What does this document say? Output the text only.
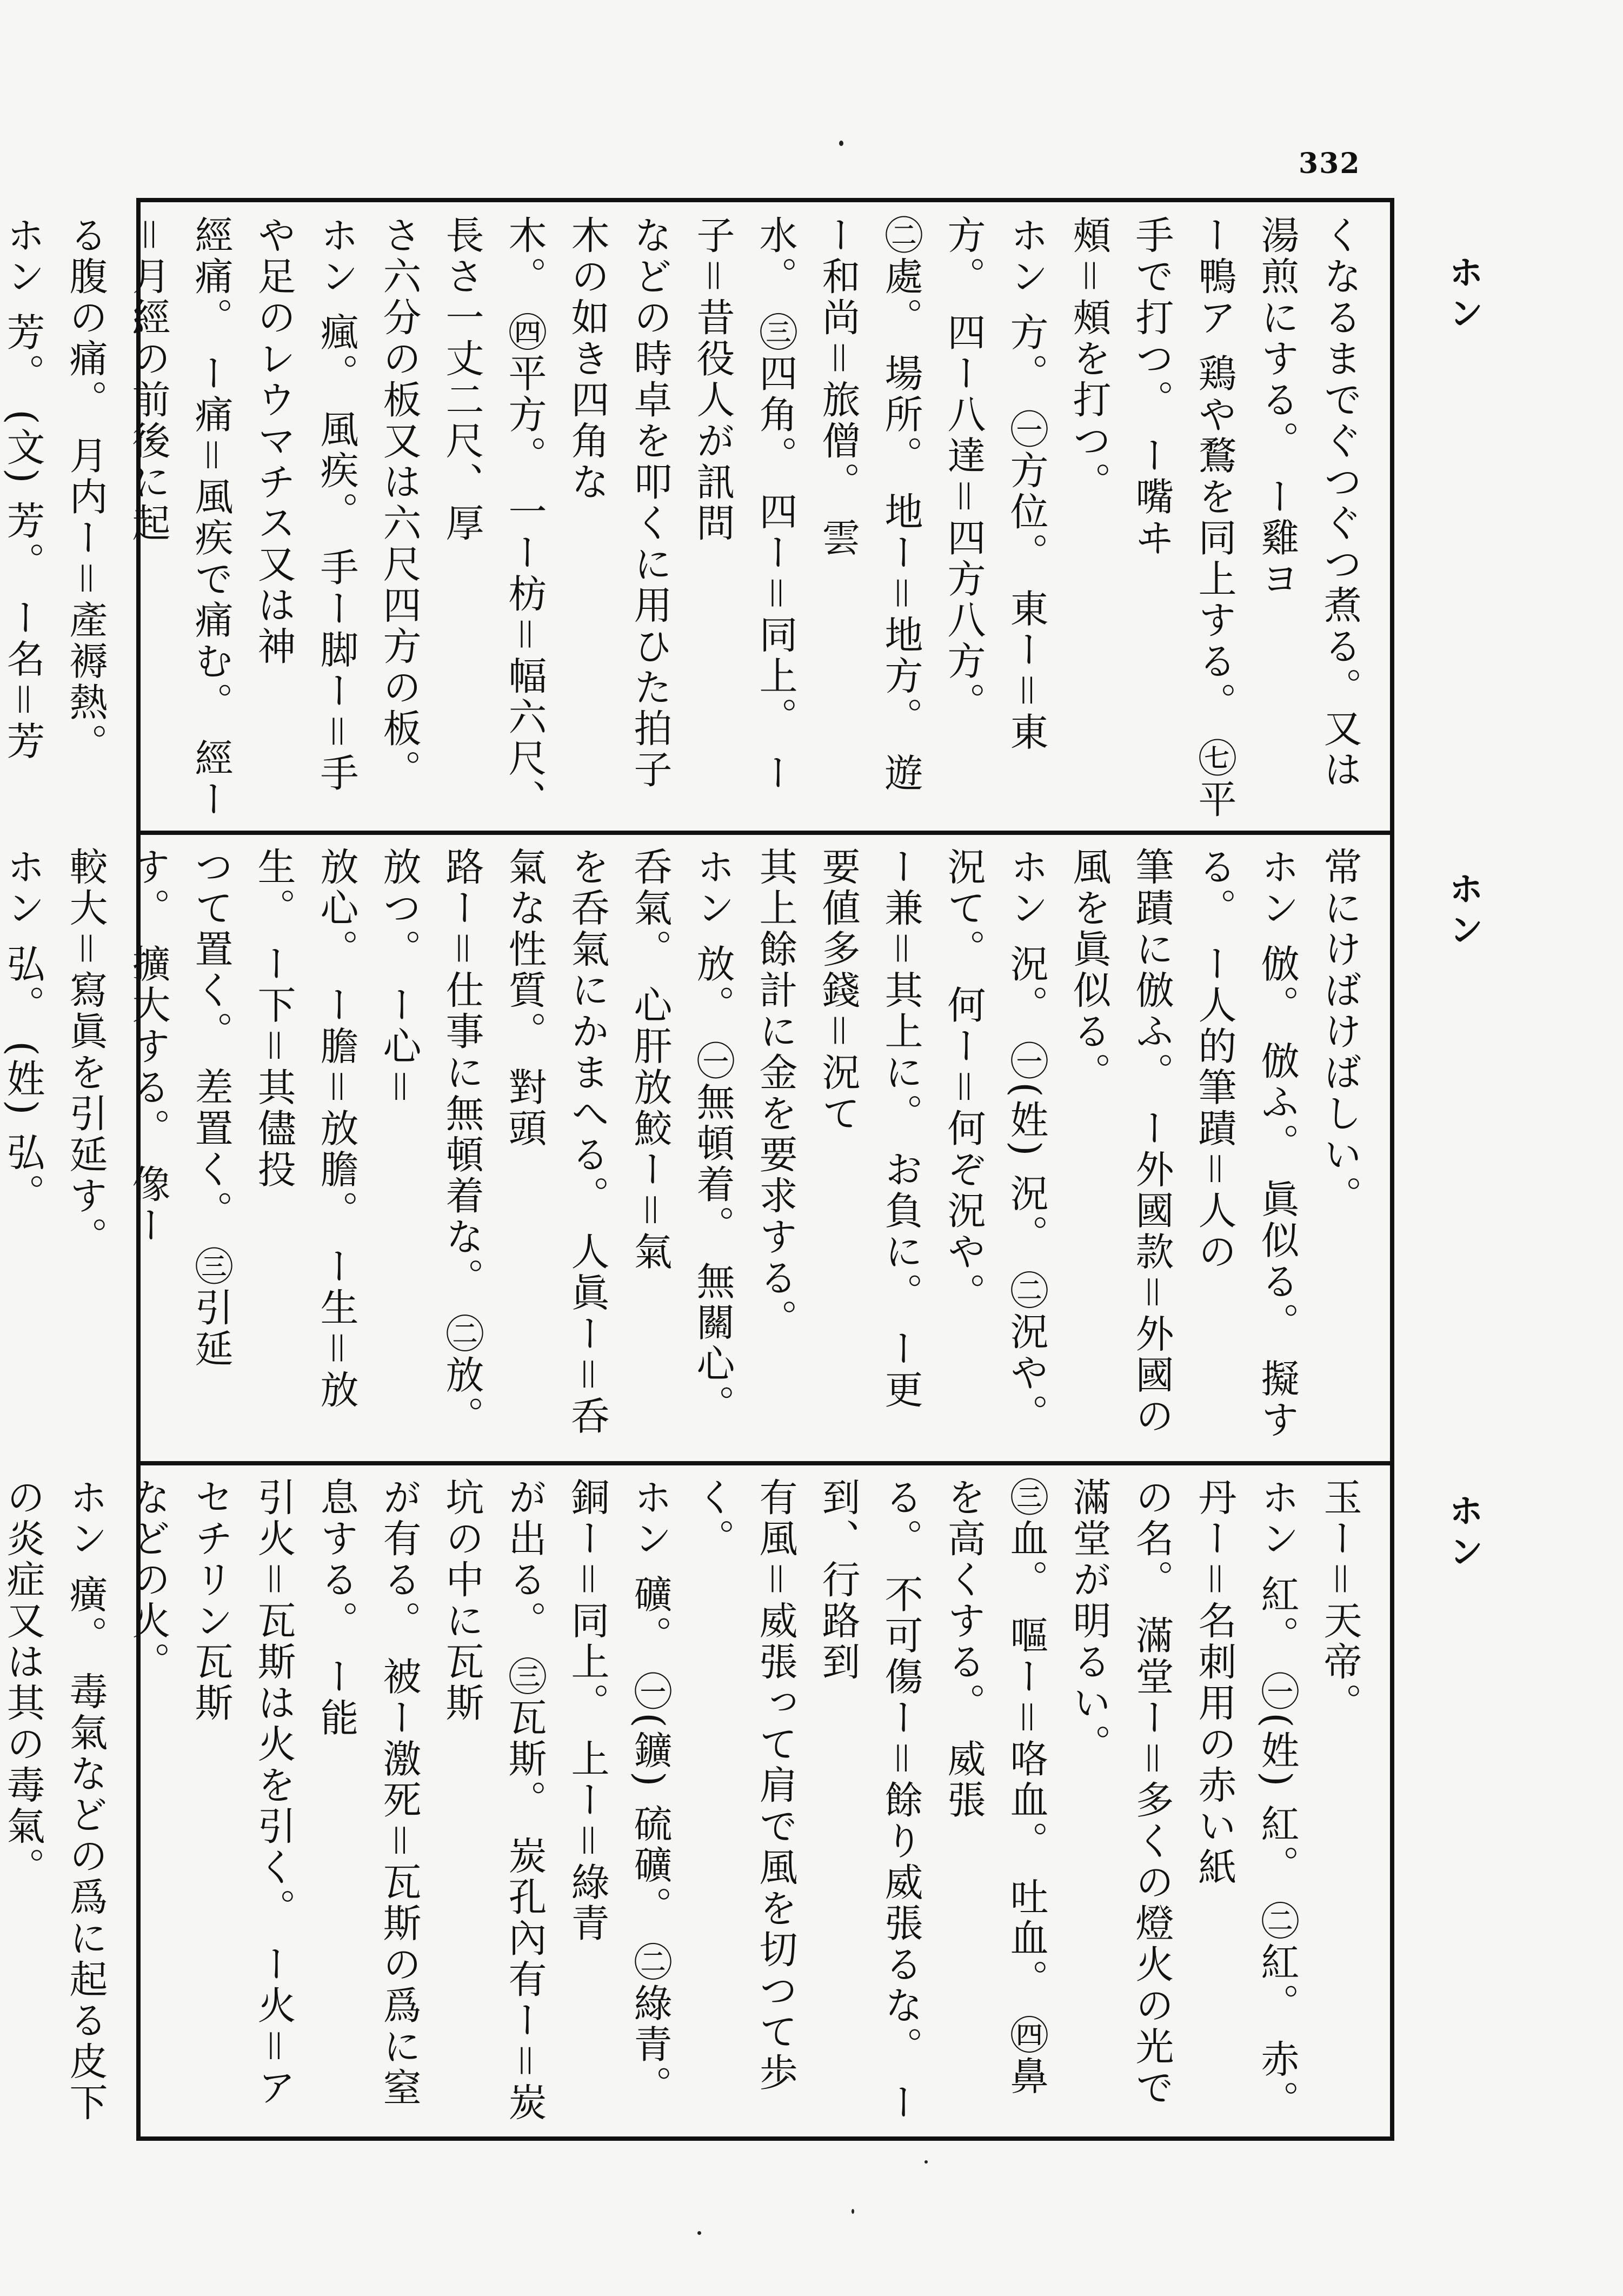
332
ホン
ホン
ホン
くなるまでぐつぐつ煮る。又は湯煎にする。 ー雞ヨ
ー鴨ア 鶏や鶩を同上する。 ㊆平手で打つ。 ー嘴ヰ
頰＝頰を打つ。
ホン 方。 ㊀方位。 東ー＝東方。 四ー八達＝四方八方。
㊁處。 場所。 地ー＝地方。 遊ー和尚＝旅僧。 雲
水。 ㊂四角。 四ー＝同上。 ー子＝昔役人が訊問
などの時卓を叩くに用ひた拍子木の如き四角な
木。 ㊃平方。 一ー枋＝幅六尺、長さ一丈二尺、厚
さ六分の板又は六尺四方の板。
ホン 瘋。 風疾。 手ー脚ー＝手や足のレウマチス又は神
經痛。 ー痛＝風疾で痛む。 經ー＝月經の前後に起
る腹の痛。 月内ー＝產褥熱。
ホン 芳。 (文) 芳。 ー名＝芳
常にけばけばしい。
ホン 倣。 倣ふ。 眞似る。 擬する。 ー人的筆蹟＝人の
筆蹟に倣ふ。 ー外國款＝外國の風を眞似る。
ホン 況。 ㊀(姓) 況。 ㊁況や。 況て。 何ー＝何ぞ況や。
ー兼＝其上に。 お負に。 ー更要値多錢＝況て
其上餘計に金を要求する。
ホン 放。 ㊀無頓着。 無關心。 呑氣。 心肝放鮫ー＝氣
を呑氣にかまへる。 人眞ー＝呑氣な性質。 對頭
路ー＝仕事に無頓着な。 ㊁放。 放つ。 ー心＝
放心。 ー膽＝放膽。 ー生＝放生。 ー下＝其儘投
つて置く。 差置く。 ㊂引延す。 擴大する。 像ー
較大＝寫眞を引延す。
ホン 弘。 (姓) 弘。
玉ー＝天帝。
ホン 紅。 ㊀(姓) 紅。 ㊁紅。 赤。 丹ー＝名刺用の赤い紙
の名。 滿堂ー＝多くの燈火の光で滿堂が明るい。
㊂血。 嘔ー＝咯血。 吐血。 ㊃鼻を高くする。 威張
る。 不可傷ー＝餘り威張るな。 ー到、行路到
有風＝威張って肩で風を切つて歩く。
ホン 礦。 ㊀(鑛) 硫礦。 ㊁綠青。 銅ー＝同上。 上ー＝綠青
が出る。 ㊂瓦斯。 炭孔內有ー＝炭坑の中に瓦斯
が有る。 被ー激死＝瓦斯の爲に窒息する。 ー能
引火＝瓦斯は火を引く。 ー火＝アセチリン瓦斯
などの火。
ホン 癀。 毒氣などの爲に起る皮下の炎症又は其の毒氣。
